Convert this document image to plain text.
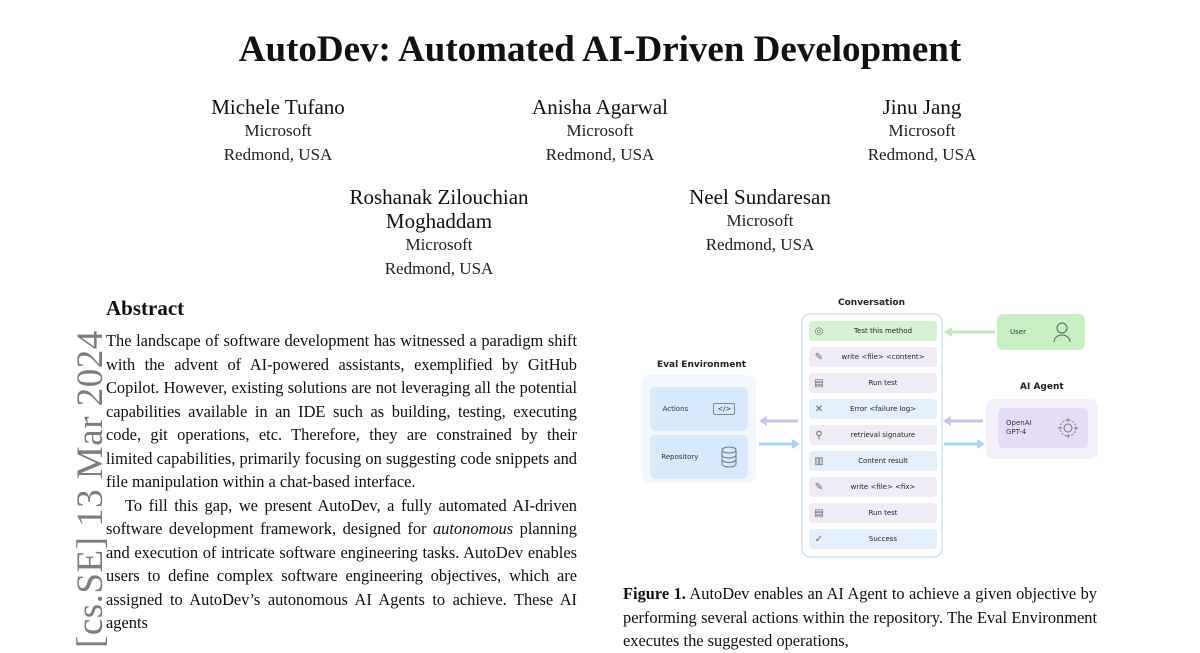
AutoDev: Automated AI-Driven Development
Michele Tufano
Microsoft
Redmond, USA
Anisha Agarwal
Microsoft
Redmond, USA
Jinu Jang
Microsoft
Redmond, USA
Roshanak Zilouchian
Moghaddam
Microsoft
Redmond, USA
Neel Sundaresan
Microsoft
Redmond, USA
[cs.SE] 13 Mar 2024
Abstract

The landscape of software development has witnessed a paradigm shift with the advent of AI-powered assistants, exemplified by GitHub Copilot. However, existing solutions are not leveraging all the potential capabilities available in an IDE such as building, testing, executing code, git operations, etc. Therefore, they are constrained by their limited capabilities, primarily focusing on suggesting code snippets and file manipulation within a chat-based interface.

To fill this gap, we present AutoDev, a fully automated AI-driven software development framework, designed for autonomous planning and execution of intricate software engineering tasks. AutoDev enables users to define complex software engineering objectives, which are assigned to AutoDev’s autonomous AI Agents to achieve. These AI agents

Conversation
Eval Environment
AI Agent
Actions	</>
Repository
User
OpenAI
GPT-4
◎	Test this method
✎	write <file> <content>
▤	Run test
✕	Error <failure log>
⚲	retrieval signature
▥	Content result
✎	write <file> <fix>
▤	Run test
✓	Success
Figure 1. AutoDev enables an AI Agent to achieve a given objective by performing several actions within the repository. The Eval Environment executes the suggested operations,
